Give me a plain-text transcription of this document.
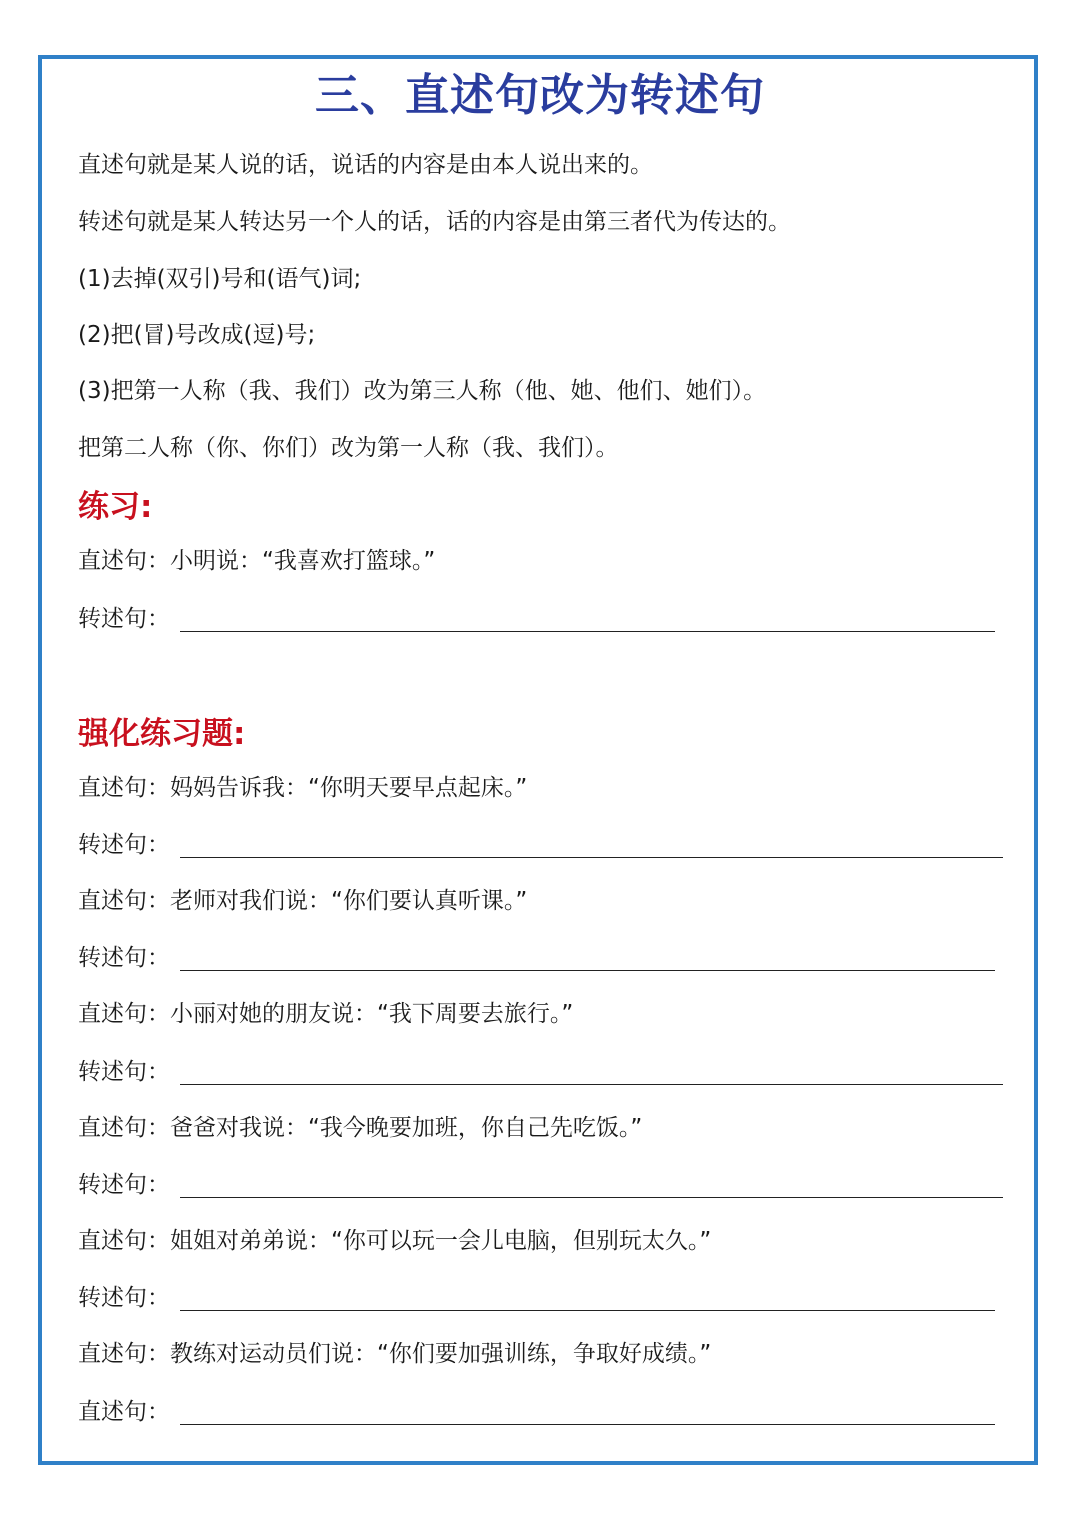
三、直述句改为转述句
直述句就是某人说的话，说话的内容是由本人说出来的。
转述句就是某人转达另一个人的话，话的内容是由第三者代为传达的。
(1)去掉(双引)号和(语气)词;
(2)把(冒)号改成(逗)号;
(3)把第一人称（我、我们）改为第三人称（他、她、他们、她们）。
把第二人称（你、你们）改为第一人称（我、我们）。
练习:
直述句：小明说：“我喜欢打篮球。”
转述句：
强化练习题:
直述句：妈妈告诉我：“你明天要早点起床。”
转述句：
直述句：老师对我们说：“你们要认真听课。”
转述句：
直述句：小丽对她的朋友说：“我下周要去旅行。”
转述句：
直述句：爸爸对我说：“我今晚要加班，你自己先吃饭。”
转述句：
直述句：姐姐对弟弟说：“你可以玩一会儿电脑，但别玩太久。”
转述句：
直述句：教练对运动员们说：“你们要加强训练，争取好成绩。”
直述句：
